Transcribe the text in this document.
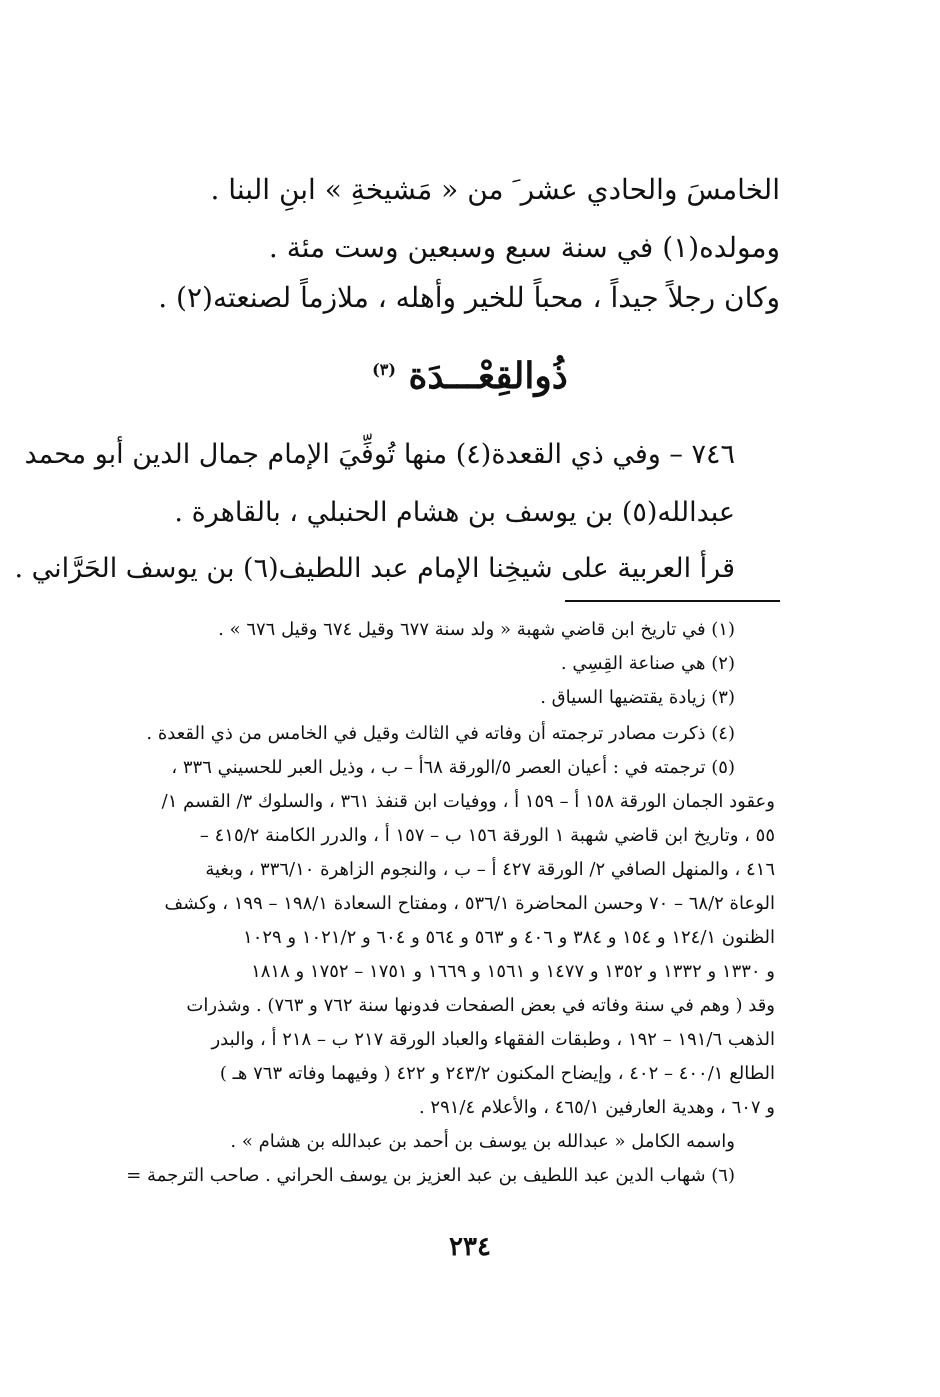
الخامسَ والحادي عشر َ من « مَشيخةِ » ابنِ البنا .
ومولده(١) في سنة سبع وسبعين وست مئة .
وكان رجلاً جيداً ، محباً للخير وأهله ، ملازماً لصنعته(٢) .
ذُوالقِعْـــدَة $^{(٣)}$
٧٤٦ – وفي ذي القعدة(٤) منها تُوفِّيَ الإمام جمال الدين أبو محمد
عبدالله(٥) بن يوسف بن هشام الحنبلي ، بالقاهرة .
قرأ العربية على شيخِنا الإمام عبد اللطيف(٦) بن يوسف الحَرَّاني .
(١) في تاريخ ابن قاضي شهبة « ولد سنة ٦٧٧ وقيل ٦٧٤ وقيل ٦٧٦ » .
(٢) هي صناعة القِسِي .
(٣) زيادة يقتضيها السياق .
(٤) ذكرت مصادر ترجمته أن وفاته في الثالث وقيل في الخامس من ذي القعدة .
(٥) ترجمته في : أعيان العصر ٥/الورقة ٦٨أ – ب ، وذيل العبر للحسيني ٣٣٦ ،
وعقود الجمان الورقة ١٥٨ أ – ١٥٩ أ ، ووفيات ابن قنفذ ٣٦١ ، والسلوك ٣/ القسم ١/
٥٥ ، وتاريخ ابن قاضي شهبة ١ الورقة ١٥٦ ب – ١٥٧ أ ، والدرر الكامنة ٤١٥/٢ –
٤١٦ ، والمنهل الصافي ٢/ الورقة ٤٢٧ أ – ب ، والنجوم الزاهرة ٣٣٦/١٠ ، وبغية
الوعاة ٦٨/٢ – ٧٠ وحسن المحاضرة ٥٣٦/١ ، ومفتاح السعادة ١٩٨/١ – ١٩٩ ، وكشف
الظنون ١٢٤/١ و ١٥٤ و ٣٨٤ و ٤٠٦ و ٥٦٣ و ٥٦٤ و ٦٠٤ و ١٠٢١/٢ و ١٠٢٩
و ١٣٣٠ و ١٣٣٢ و ١٣٥٢ و ١٤٧٧ و ١٥٦١ و ١٦٦٩ و ١٧٥١ – ١٧٥٢ و ١٨١٨
وقد ( وهم في سنة وفاته في بعض الصفحات فدونها سنة ٧٦٢ و ٧٦٣) . وشذرات
الذهب ١٩١/٦ – ١٩٢ ، وطبقات الفقهاء والعباد الورقة ٢١٧ ب – ٢١٨ أ ، والبدر
الطالع ٤٠٠/١ – ٤٠٢ ، وإيضاح المكنون ٢٤٣/٢ و ٤٢٢ ( وفيهما وفاته ٧٦٣ هـ )
و ٦٠٧ ، وهدية العارفين ٤٦٥/١ ، والأعلام ٢٩١/٤ .
واسمه الكامل « عبدالله بن يوسف بن أحمد بن عبدالله بن هشام » .
(٦) شهاب الدين عبد اللطيف بن عبد العزيز بن يوسف الحراني . صاحب الترجمة =
٢٣٤
